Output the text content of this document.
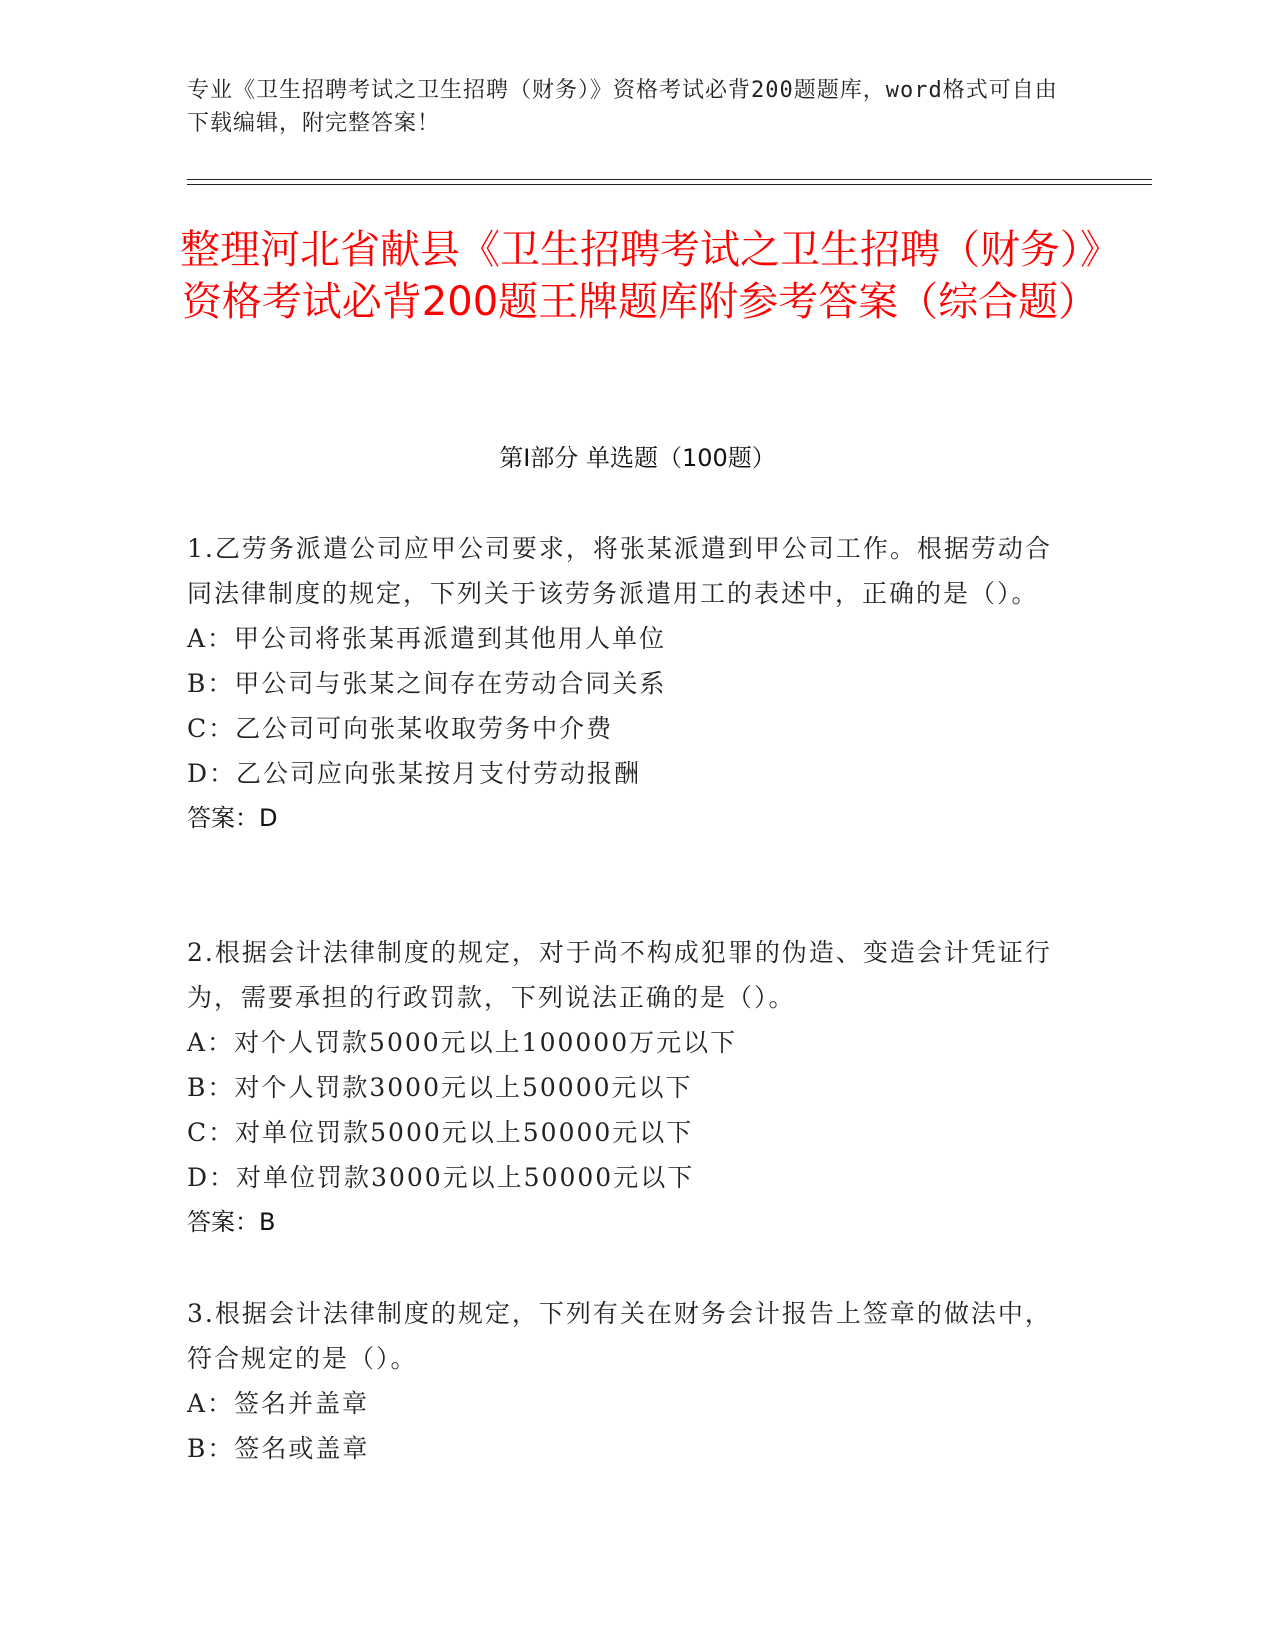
专业《卫生招聘考试之卫生招聘（财务）》资格考试必背200题题库，word格式可自由下载编辑，附完整答案！
整理河北省献县《卫生招聘考试之卫生招聘（财务）》资格考试必背200题王牌题库附参考答案（综合题）
第Ⅰ部分 单选题（100题）

1.乙劳务派遣公司应甲公司要求，将张某派遣到甲公司工作。根据劳动合同法律制度的规定，下列关于该劳务派遣用工的表述中，正确的是（）。

A：甲公司将张某再派遣到其他用人单位

B：甲公司与张某之间存在劳动合同关系

C：乙公司可向张某收取劳务中介费

D：乙公司应向张某按月支付劳动报酬

答案：D

2.根据会计法律制度的规定，对于尚不构成犯罪的伪造、变造会计凭证行为，需要承担的行政罚款，下列说法正确的是（）。

A：对个人罚款5000元以上100000万元以下

B：对个人罚款3000元以上50000元以下

C：对单位罚款5000元以上50000元以下

D：对单位罚款3000元以上50000元以下

答案：B

3.根据会计法律制度的规定，下列有关在财务会计报告上签章的做法中，符合规定的是（）。

A：签名并盖章

B：签名或盖章
